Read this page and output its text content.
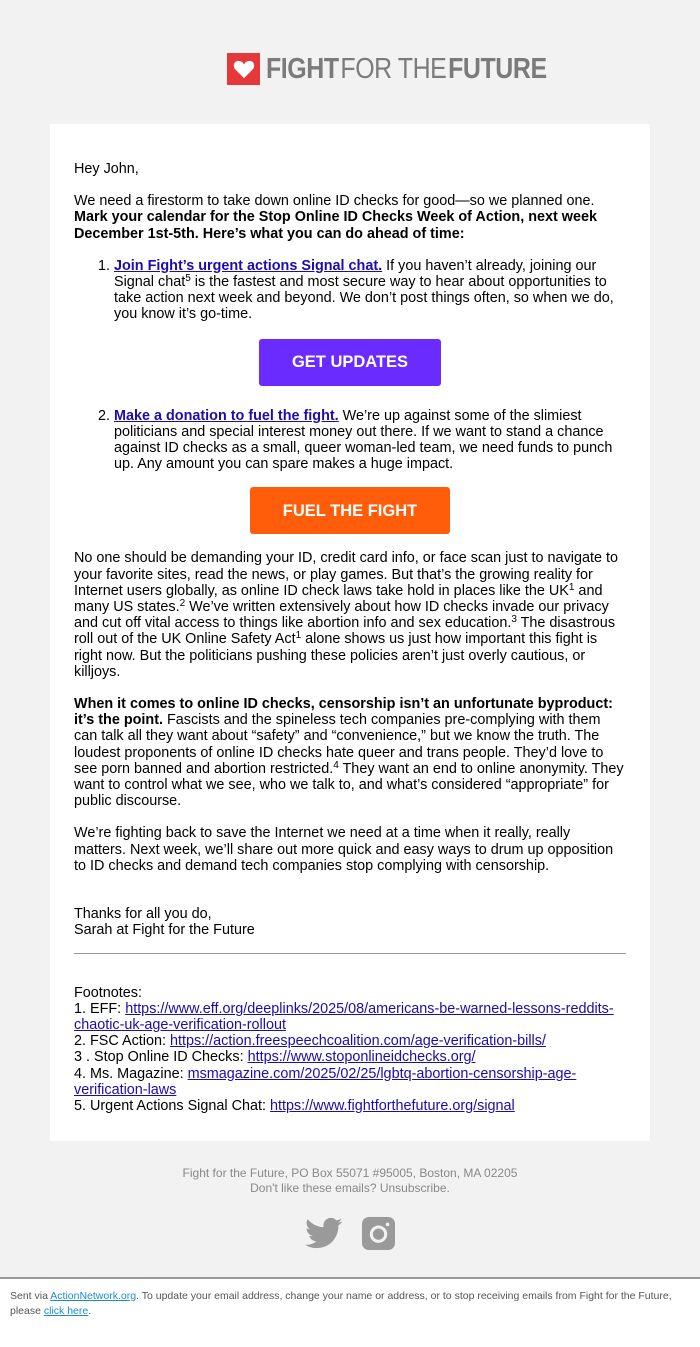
FIGHT FOR THE FUTURE

Hey John,

We need a firestorm to take down online ID checks for good—so we planned one. Mark your calendar for the Stop Online ID Checks Week of Action, next week December 1st-5th. Here’s what you can do ahead of time:

1. Join Fight’s urgent actions Signal chat. If you haven’t already, joining our Signal chat$^5$ is the fastest and most secure way to hear about opportunities to take action next week and beyond. We don’t post things often, so when we do, you know it’s go-time.
GET UPDATES
2. Make a donation to fuel the fight. We’re up against some of the slimiest politicians and special interest money out there. If we want to stand a chance against ID checks as a small, queer woman-led team, we need funds to punch up. Any amount you can spare makes a huge impact.
FUEL THE FIGHT

No one should be demanding your ID, credit card info, or face scan just to navigate to your favorite sites, read the news, or play games. But that’s the growing reality for Internet users globally, as online ID check laws take hold in places like the $UK^1$ and many US states.$^2$ We’ve written extensively about how ID checks invade our privacy and cut off vital access to things like abortion info and sex education.$^3$ The disastrous roll out of the UK Online Safety Act$^1$ alone shows us just how important this fight is right now. But the politicians pushing these policies aren’t just overly cautious, or killjoys.

When it comes to online ID checks, censorship isn’t an unfortunate byproduct: it’s the point. Fascists and the spineless tech companies pre-complying with them can talk all they want about “safety” and “convenience,” but we know the truth. The loudest proponents of online ID checks hate queer and trans people. They’d love to see porn banned and abortion restricted.$^4$ They want an end to online anonymity. They want to control what we see, who we talk to, and what’s considered “appropriate” for public discourse.

We’re fighting back to save the Internet we need at a time when it really, really matters. Next week, we’ll share out more quick and easy ways to drum up opposition to ID checks and demand tech companies stop complying with censorship.

Thanks for all you do,

Sarah at Fight for the Future

Footnotes:

1. EFF: https://www.eff.org/deeplinks/2025/08/americans-be-warned-lessons-reddits-chaotic-uk-age-verification-rollout

2. FSC Action: https://action.freespeechcoalition.com/age-verification-bills/

3 . Stop Online ID Checks: https://www.stoponlineidchecks.org/

4. Ms. Magazine: msmagazine.com/2025/02/25/lgbtq-abortion-censorship-age-verification-laws

5. Urgent Actions Signal Chat: https://www.fightforthefuture.org/signal

Fight for the Future, PO Box 55071 #95005, Boston, MA 02205
Don't like these emails? Unsubscribe.
Sent via ActionNetwork.org. To update your email address, change your name or address, or to stop receiving emails from Fight for the Future, please click here.
